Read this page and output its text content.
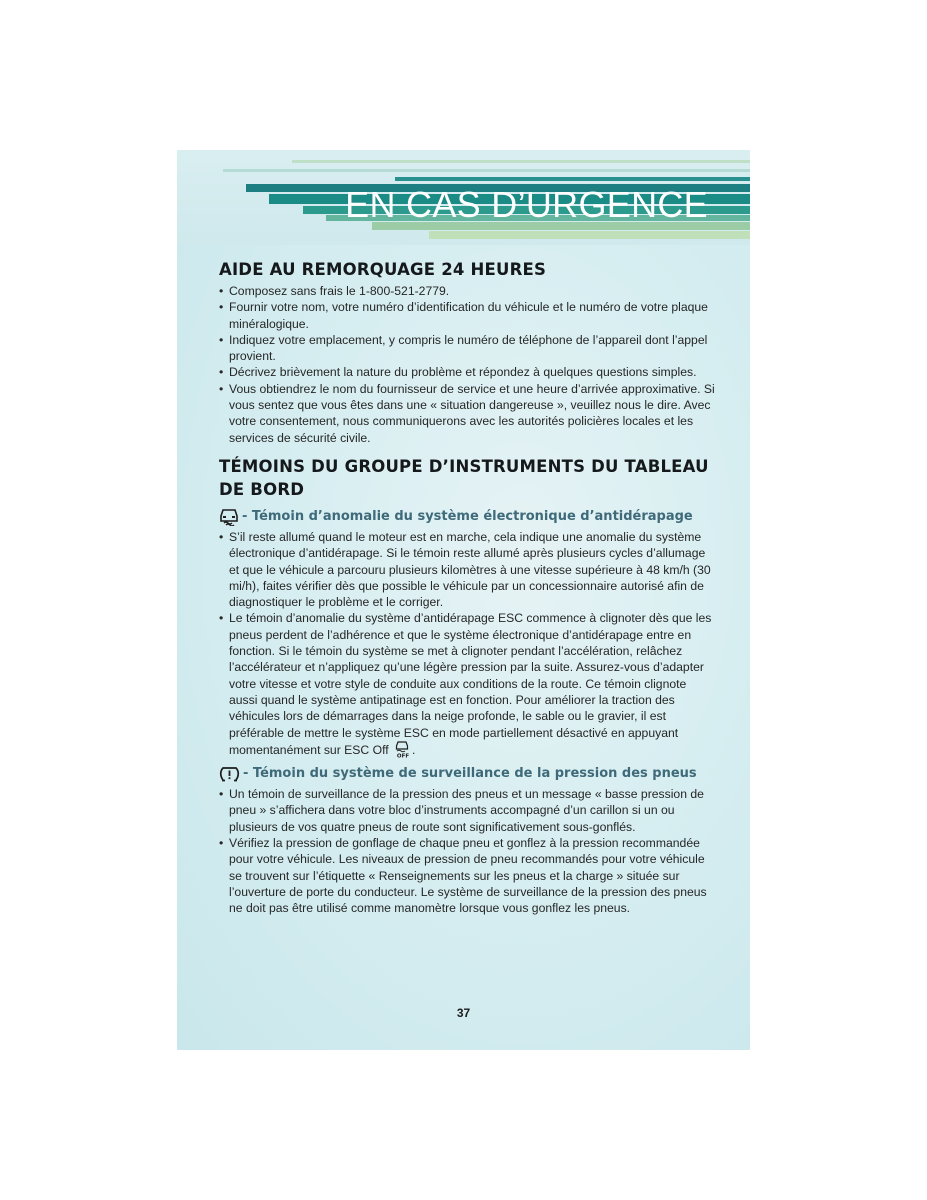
EN CAS D’URGENCE
AIDE AU REMORQUAGE 24 HEURES
• Composez sans frais le 1-800-521-2779.
• Fournir votre nom, votre numéro d’identification du véhicule et le numéro de votre plaque minéralogique.
• Indiquez votre emplacement, y compris le numéro de téléphone de l’appareil dont l’appel provient.
• Décrivez brièvement la nature du problème et répondez à quelques questions simples.
• Vous obtiendrez le nom du fournisseur de service et une heure d’arrivée approximative. Si vous sentez que vous êtes dans une « situation dangereuse », veuillez nous le dire. Avec votre consentement, nous communiquerons avec les autorités policières locales et les services de sécurité civile.
TÉMOINS DU GROUPE D’INSTRUMENTS DU TABLEAU DE BORD
- Témoin d’anomalie du système électronique d’antidérapage
• S’il reste allumé quand le moteur est en marche, cela indique une anomalie du système électronique d’antidérapage. Si le témoin reste allumé après plusieurs cycles d’allumage et que le véhicule a parcouru plusieurs kilomètres à une vitesse supérieure à 48 km/h (30 mi/h), faites vérifier dès que possible le véhicule par un concessionnaire autorisé afin de diagnostiquer le problème et le corriger.
• Le témoin d’anomalie du système d’antidérapage ESC commence à clignoter dès que les pneus perdent de l’adhérence et que le système électronique d’antidérapage entre en fonction. Si le témoin du système se met à clignoter pendant l’accélération, relâchez l’accélérateur et n’appliquez qu’une légère pression par la suite. Assurez-vous d’adapter votre vitesse et votre style de conduite aux conditions de la route. Ce témoin clignote aussi quand le système antipatinage est en fonction. Pour améliorer la traction des véhicules lors de démarrages dans la neige profonde, le sable ou le gravier, il est préférable de mettre le système ESC en mode partiellement désactivé en appuyant momentanément sur ESC Off OFF .
- Témoin du système de surveillance de la pression des pneus
• Un témoin de surveillance de la pression des pneus et un message « basse pression de pneu » s’affichera dans votre bloc d’instruments accompagné d’un carillon si un ou plusieurs de vos quatre pneus de route sont significativement sous-gonflés.
• Vérifiez la pression de gonflage de chaque pneu et gonflez à la pression recommandée pour votre véhicule. Les niveaux de pression de pneu recommandés pour votre véhicule se trouvent sur l’étiquette « Renseignements sur les pneus et la charge » située sur l’ouverture de porte du conducteur. Le système de surveillance de la pression des pneus ne doit pas être utilisé comme manomètre lorsque vous gonflez les pneus.
37
